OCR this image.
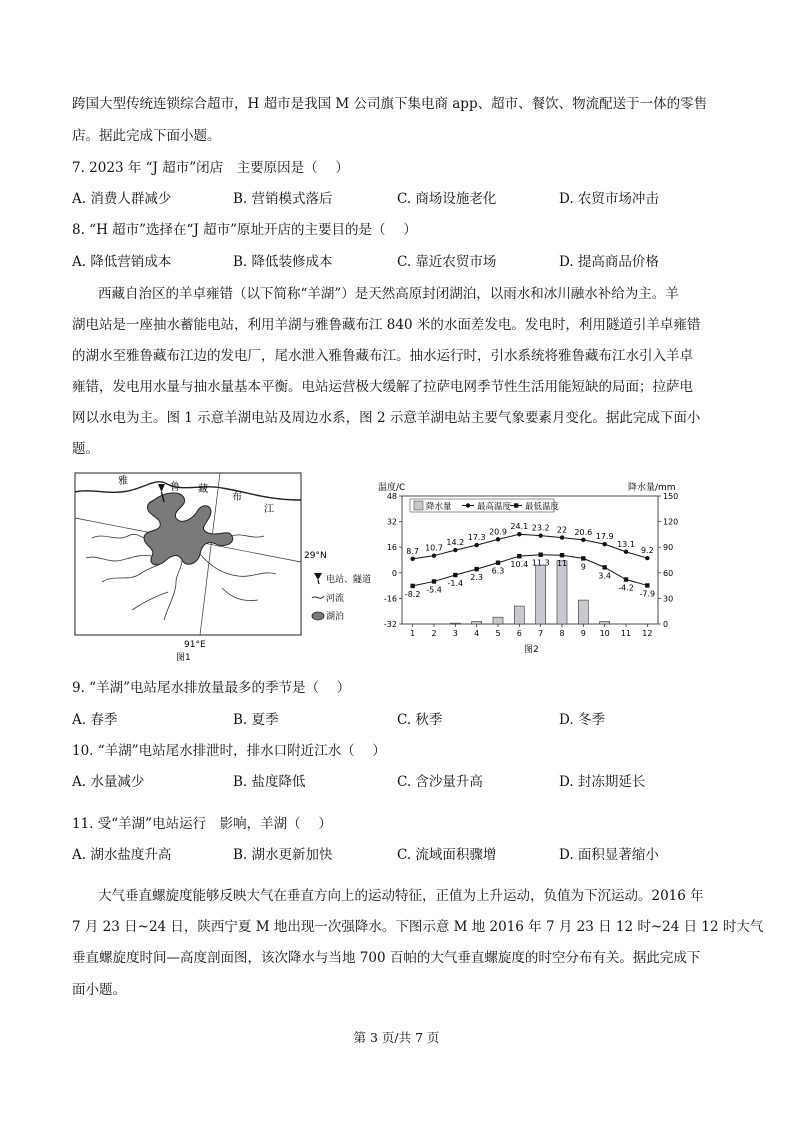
跨国大型传统连锁综合超市，H 超市是我国 M 公司旗下集电商 app、超市、餐饮、物流配送于一体的零售
店。据此完成下面小题。
7. 2023 年 “J 超市”闭店　主要原因是（　 ）
A. 消费人群减少	B. 营销模式落后	C. 商场设施老化	D. 农贸市场冲击
8. “H 超市”选择在“J 超市”原址开店的主要目的是（　 ）
A. 降低营销成本	B. 降低装修成本	C. 靠近农贸市场	D. 提高商品价格
西藏自治区的羊卓雍错（以下简称“羊湖”）是天然高原封闭湖泊，以雨水和冰川融水补给为主。羊
湖电站是一座抽水蓄能电站，利用羊湖与雅鲁藏布江 840 米的水面差发电。发电时，利用隧道引羊卓雍错
的湖水至雅鲁藏布江边的发电厂，尾水泄入雅鲁藏布江。抽水运行时，引水系统将雅鲁藏布江水引入羊卓
雍错，发电用水量与抽水量基本平衡。电站运营极大缓解了拉萨电网季节性生活用能短缺的局面；拉萨电
网以水电为主。图 1 示意羊湖电站及周边水系，图 2 示意羊湖电站主要气象要素月变化。据此完成下面小
题。
雅
鲁 藏
布
江
29°N
91°E
图1
电站、隧道
河流
湖泊
温度/C	降水量/mm
降水量	最高温度 最低温度
48
32
16
0
-16
-32
150
120
90
60
30
0
1 2 3 4 5 6 7 8 9 10 11 12
8.7 10.7
14.2
17.3
20.9
24.1 23.2 22 20.6 17.9
13.1
9.2
-8.2 -5.4
-1.4
2.3
6.3
10.4 11.3 11 9
3.4
-4.2
-7.9
图2
9. “羊湖”电站尾水排放量最多的季节是（　 ）
A. 春季	B. 夏季	C. 秋季	D. 冬季
10. “羊湖”电站尾水排泄时，排水口附近江水（　 ）
A. 水量减少	B. 盐度降低	C. 含沙量升高	D. 封冻期延长
11. 受“羊湖”电站运行　影响，羊湖（　 ）
A. 湖水盐度升高	B. 湖水更新加快	C. 流域面积骤增	D. 面积显著缩小
大气垂直螺旋度能够反映大气在垂直方向上的运动特征，正值为上升运动，负值为下沉运动。2016 年
7 月 23 日~24 日，陕西宁夏 M 地出现一次强降水。下图示意 M 地 2016 年 7 月 23 日 12 时~24 日 12 时大气
垂直螺旋度时间—高度剖面图，该次降水与当地 700 百帕的大气垂直螺旋度的时空分布有关。据此完成下
面小题。
第 3 页/共 7 页
